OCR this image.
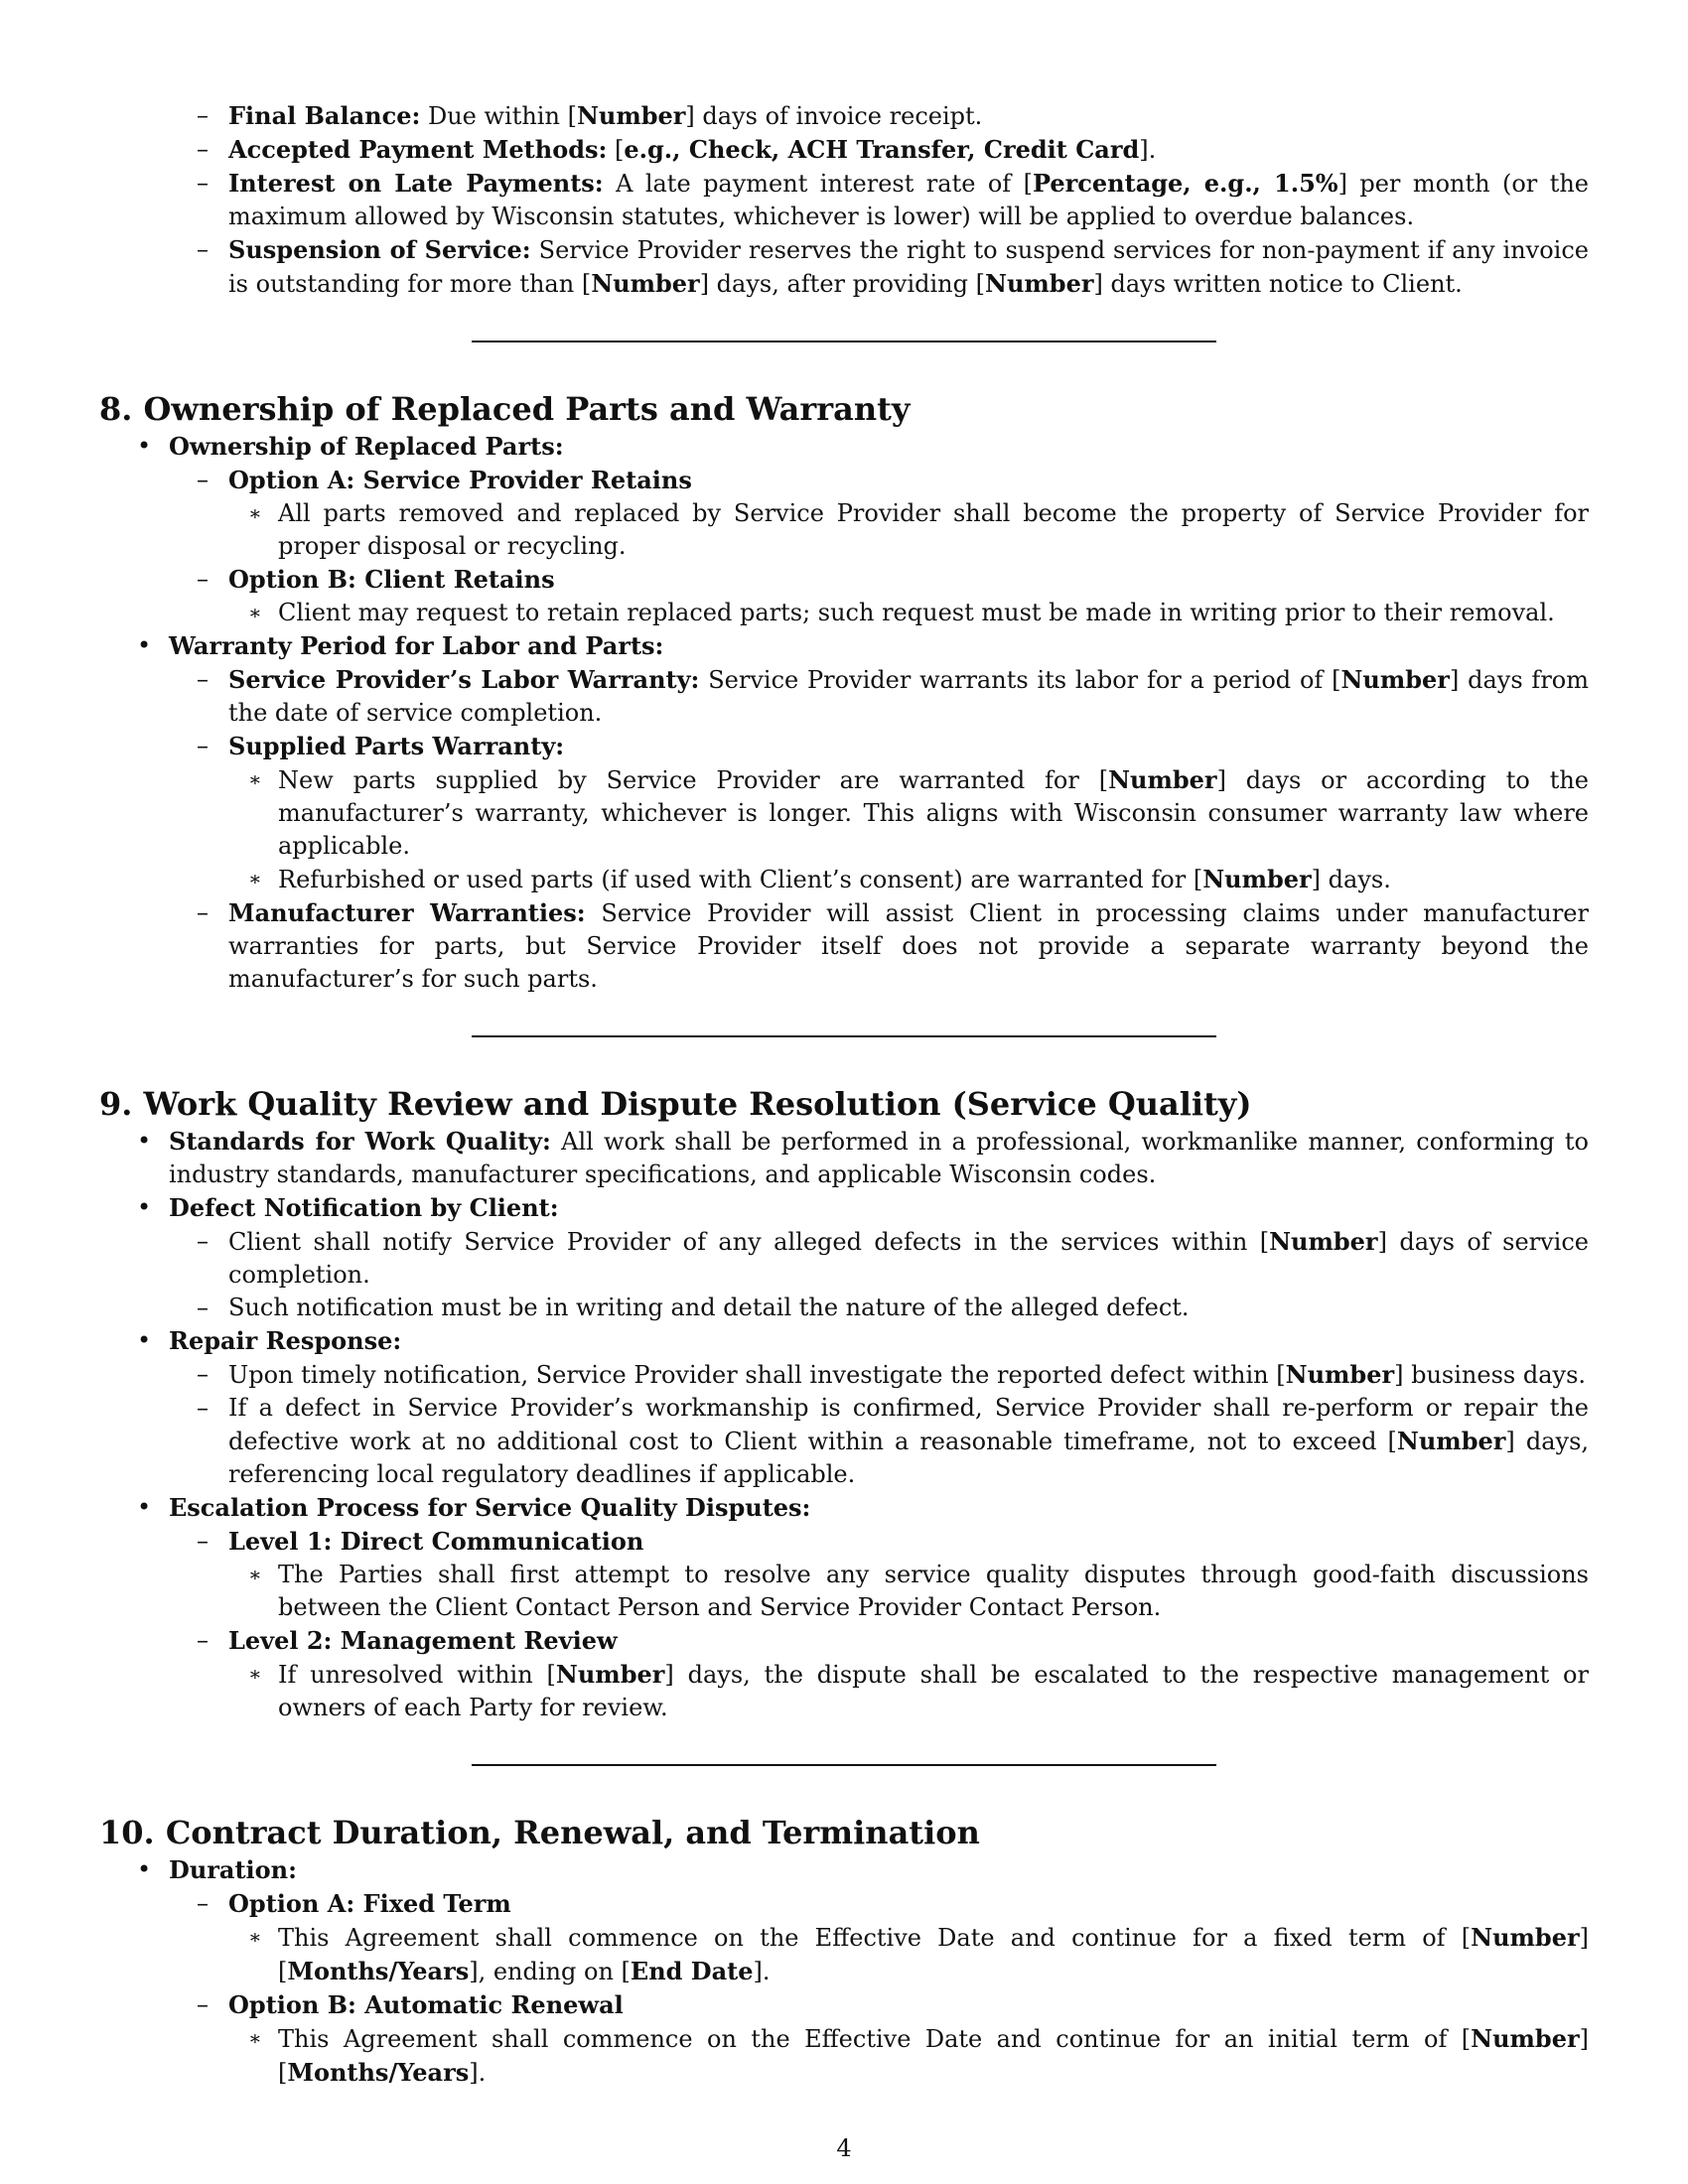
– Final Balance: Due within [Number] days of invoice receipt.
– Accepted Payment Methods: [e.g., Check, ACH Transfer, Credit Card].
– Interest on Late Payments: A late payment interest rate of [Percentage, e.g., 1.5%] per month (or the maximum allowed by Wisconsin statutes, whichever is lower) will be applied to overdue balances.
– Suspension of Service: Service Provider reserves the right to suspend services for non-payment if any invoice is outstanding for more than [Number] days, after providing [Number] days written notice to Client.
8. Ownership of Replaced Parts and Warranty
• Ownership of Replaced Parts:
– Option A: Service Provider Retains
∗ All parts removed and replaced by Service Provider shall become the property of Service Provider for proper disposal or recycling.
– Option B: Client Retains
∗ Client may request to retain replaced parts; such request must be made in writing prior to their removal.
• Warranty Period for Labor and Parts:
– Service Provider’s Labor Warranty: Service Provider warrants its labor for a period of [Number] days from the date of service completion.
– Supplied Parts Warranty:
∗ New parts supplied by Service Provider are warranted for [Number] days or according to the manufacturer’s warranty, whichever is longer. This aligns with Wisconsin consumer warranty law where applicable.
∗ Refurbished or used parts (if used with Client’s consent) are warranted for [Number] days.
– Manufacturer Warranties: Service Provider will assist Client in processing claims under manufacturer warranties for parts, but Service Provider itself does not provide a separate warranty beyond the manufacturer’s for such parts.
9. Work Quality Review and Dispute Resolution (Service Quality)
• Standards for Work Quality: All work shall be performed in a professional, workmanlike manner, conforming to industry standards, manufacturer specifications, and applicable Wisconsin codes.
• Defect Notification by Client:
– Client shall notify Service Provider of any alleged defects in the services within [Number] days of service completion.
– Such notification must be in writing and detail the nature of the alleged defect.
• Repair Response:
– Upon timely notification, Service Provider shall investigate the reported defect within [Number] business days.
– If a defect in Service Provider’s workmanship is confirmed, Service Provider shall re-perform or repair the defective work at no additional cost to Client within a reasonable timeframe, not to exceed [Number] days, referencing local regulatory deadlines if applicable.
• Escalation Process for Service Quality Disputes:
– Level 1: Direct Communication
∗ The Parties shall first attempt to resolve any service quality disputes through good-faith discussions between the Client Contact Person and Service Provider Contact Person.
– Level 2: Management Review
∗ If unresolved within [Number] days, the dispute shall be escalated to the respective management or owners of each Party for review.
10. Contract Duration, Renewal, and Termination
• Duration:
– Option A: Fixed Term
∗ This Agreement shall commence on the Effective Date and continue for a fixed term of [Number] [Months/Years], ending on [End Date].
– Option B: Automatic Renewal
∗ This Agreement shall commence on the Effective Date and continue for an initial term of [Number] [Months/Years].
4
